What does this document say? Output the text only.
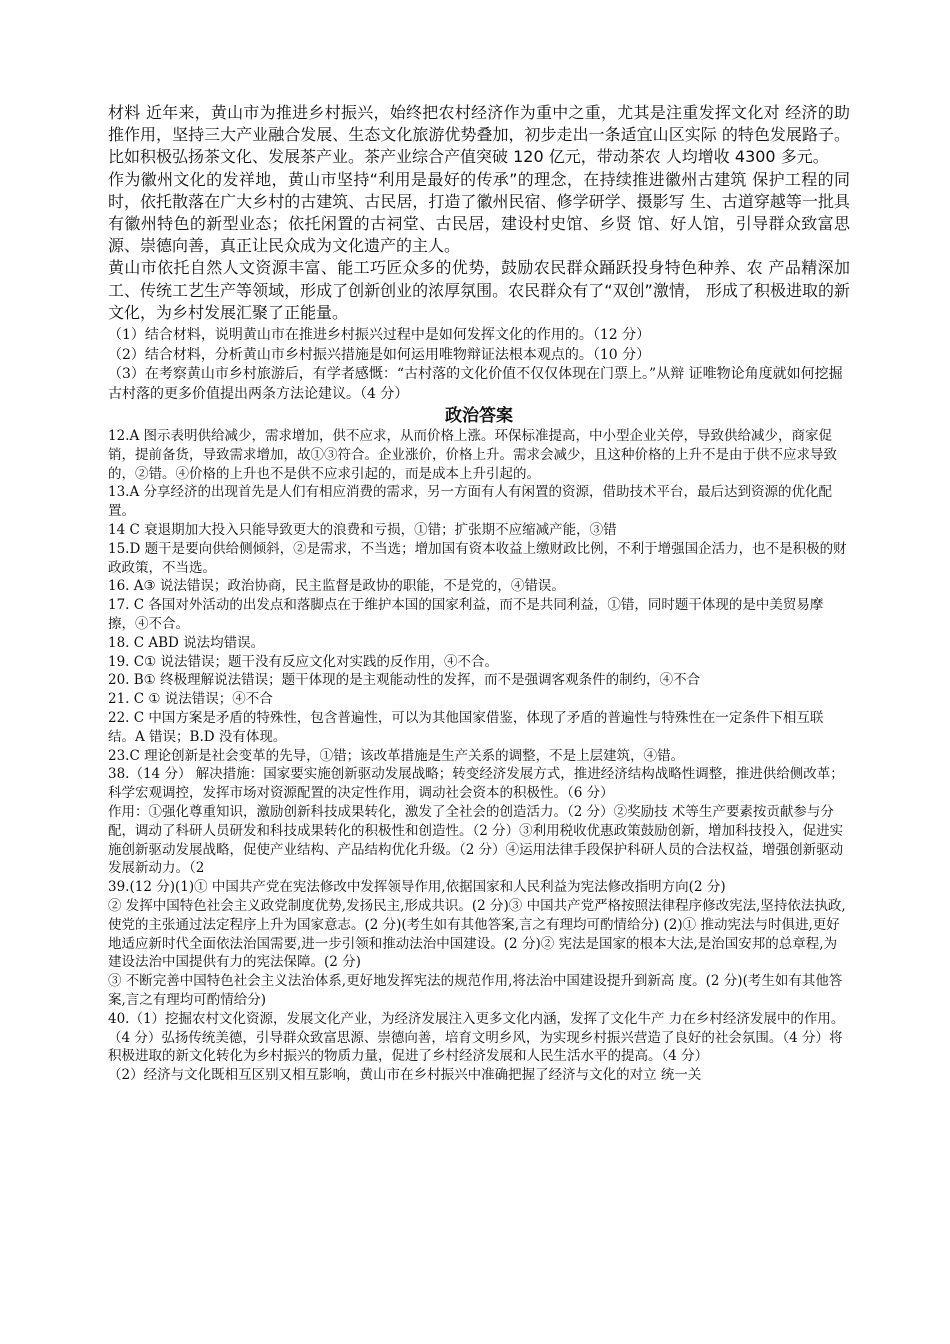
材料 近年来，黄山市为推进乡村振兴，始终把农村经济作为重中之重，尤其是注重发挥文化对 经济的助推作用，坚持三大产业融合发展、生态文化旅游优势叠加，初步走出一条适宜山区实际 的特色发展路子。比如积极弘扬茶文化、发展茶产业。茶产业综合产值突破 120 亿元，带动茶农 人均增收 4300 多元。

作为徽州文化的发祥地，黄山市坚持“利用是最好的传承”的理念，在持续推进徽州古建筑 保护工程的同时，依托散落在广大乡村的古建筑、古民居，打造了徽州民宿、修学研学、摄影写 生、古道穿越等一批具有徽州特色的新型业态；依托闲置的古祠堂、古民居，建设村史馆、乡贤 馆、好人馆，引导群众致富思源、崇德向善，真正让民众成为文化遗产的主人。

黄山市依托自然人文资源丰富、能工巧匠众多的优势，鼓励农民群众踊跃投身特色种养、农 产品精深加工、传统工艺生产等领域，形成了创新创业的浓厚氛围。农民群众有了“双创”激情， 形成了积极进取的新文化，为乡村发展汇聚了正能量。

（1）结合材料，说明黄山市在推进乡村振兴过程中是如何发挥文化的作用的。（12 分）

（2）结合材料，分析黄山市乡村振兴措施是如何运用唯物辩证法根本观点的。（10 分）

（3）在考察黄山市乡村旅游后，有学者感慨：“古村落的文化价值不仅仅体现在门票上。”从辩 证唯物论角度就如何挖掘古村落的更多价值提出两条方法论建议。（4 分）

政治答案

12.A 图示表明供给减少，需求增加，供不应求，从而价格上涨。环保标准提高，中小型企业关停，导致供给减少，商家促销，提前备货，导致需求增加，故①③符合。企业涨价，价格上升。需求会减少，且这种价格的上升不是由于供不应求导致的，②错。④价格的上升也不是供不应求引起的，而是成本上升引起的。

13.A 分享经济的出现首先是人们有相应消费的需求，另一方面有人有闲置的资源，借助技术平台，最后达到资源的优化配置。

14 C 衰退期加大投入只能导致更大的浪费和亏损，①错；扩张期不应缩减产能，③错

15.D 题干是要向供给侧倾斜，②是需求，不当选；增加国有资本收益上缴财政比例，不利于增强国企活力，也不是积极的财政政策，不当选。

16. A③ 说法错误；政治协商，民主监督是政协的职能，不是党的，④错误。

17. C 各国对外活动的出发点和落脚点在于维护本国的国家利益，而不是共同利益，①错，同时题干体现的是中美贸易摩擦，④不合。

18. C ABD 说法均错误。

19. C① 说法错误；题干没有反应文化对实践的反作用，④不合。

20. B① 终极理解说法错误；题干体现的是主观能动性的发挥，而不是强调客观条件的制约，④不合

21. C ① 说法错误；④不合

22. C 中国方案是矛盾的特殊性，包含普遍性，可以为其他国家借鉴，体现了矛盾的普遍性与特殊性在一定条件下相互联结。A 错误；B.D 没有体现。

23.C 理论创新是社会变革的先导，①错；该改革措施是生产关系的调整，不是上层建筑，④错。

38.（14 分） 解决措施：国家要实施创新驱动发展战略；转变经济发展方式，推进经济结构战略性调整，推进供给侧改革；科学宏观调控，发挥市场对资源配置的决定性作用，调动社会资本的积极性。（6 分）

作用：①强化尊重知识，激励创新科技成果转化，激发了全社会的创造活力。（2 分）②奖励技 术等生产要素按贡献参与分配，调动了科研人员研发和科技成果转化的积极性和创造性。（2 分）③利用税收优惠政策鼓励创新，增加科技投入，促进实施创新驱动发展战略，促使产业结构、产品结构优化升级。（2 分）④运用法律手段保护科研人员的合法权益，增强创新驱动发展新动力。（2

39.(12 分)(1)① 中国共产党在宪法修改中发挥领导作用,依据国家和人民利益为宪法修改指明方向(2 分)

② 发挥中国特色社会主义政党制度优势,发扬民主,形成共识。(2 分)③ 中国共产党严格按照法律程序修改宪法,坚持依法执政,使党的主张通过法定程序上升为国家意志。(2 分)(考生如有其他答案,言之有理均可酌情给分) (2)① 推动宪法与时俱进,更好地适应新时代全面依法治国需要,进一步引领和推动法治中国建设。(2 分)② 宪法是国家的根本大法,是治国安邦的总章程,为建设法治中国提供有力的宪法保障。(2 分)

③ 不断完善中国特色社会主义法治体系,更好地发挥宪法的规范作用,将法治中国建设提升到新高 度。(2 分)(考生如有其他答案,言之有理均可酌情给分)

40.（1）挖掘农村文化资源，发展文化产业，为经济发展注入更多文化内涵，发挥了文化牛产 力在乡村经济发展中的作用。（4 分）弘扬传统美德，引导群众致富思源、崇德向善，培育文明乡风，为实现乡村振兴营造了良好的社会氛围。（4 分）将积极进取的新文化转化为乡村振兴的物质力量，促进了乡村经济发展和人民生活水平的提高。（4 分）

（2）经济与文化既相互区别又相互影响，黄山市在乡村振兴中准确把握了经济与文化的对立 统一关
